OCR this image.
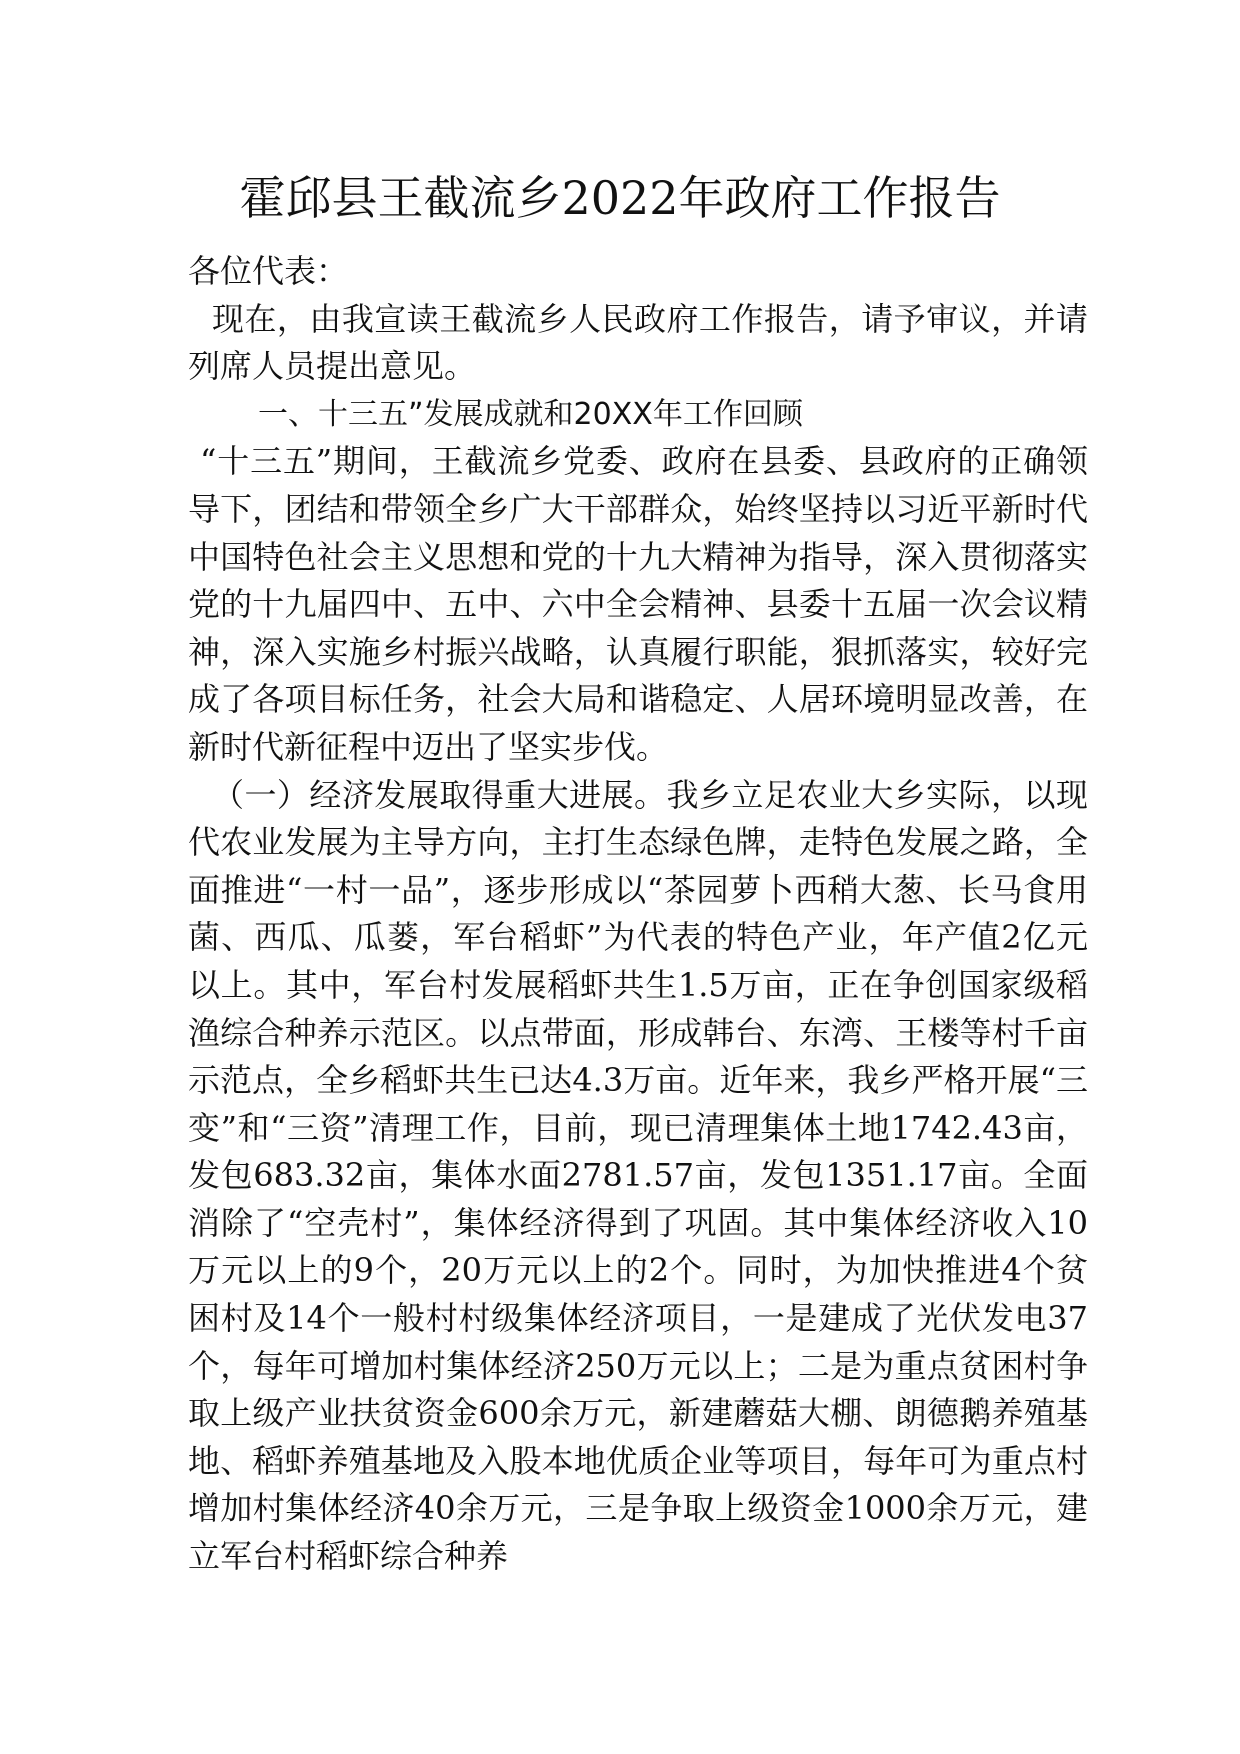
霍邱县王截流乡2022年政府工作报告

各位代表：

现在，由我宣读王截流乡人民政府工作报告，请予审议，并请列席人员提出意见。

一、十三五”发展成就和20XX年工作回顾

“十三五”期间，王截流乡党委、政府在县委、县政府的正确领导下，团结和带领全乡广大干部群众，始终坚持以习近平新时代中国特色社会主义思想和党的十九大精神为指导，深入贯彻落实党的十九届四中、五中、六中全会精神、县委十五届一次会议精神，深入实施乡村振兴战略，认真履行职能，狠抓落实，较好完成了各项目标任务，社会大局和谐稳定、人居环境明显改善，在新时代新征程中迈出了坚实步伐。

（一）经济发展取得重大进展。我乡立足农业大乡实际，以现代农业发展为主导方向，主打生态绿色牌，走特色发展之路，全面推进“一村一品”，逐步形成以“茶园萝卜西稍大葱、长马食用菌、西瓜、瓜蒌，军台稻虾”为代表的特色产业，年产值2亿元以上。其中，军台村发展稻虾共生1.5万亩，正在争创国家级稻渔综合种养示范区。以点带面，形成韩台、东湾、王楼等村千亩示范点，全乡稻虾共生已达4.3万亩。近年来，我乡严格开展“三变”和“三资”清理工作，目前，现已清理集体土地1742.43亩，发包683.32亩，集体水面2781.57亩，发包1351.17亩。全面消除了“空壳村”，集体经济得到了巩固。其中集体经济收入10万元以上的9个，20万元以上的2个。同时，为加快推进4个贫困村及14个一般村村级集体经济项目，一是建成了光伏发电37个，每年可增加村集体经济250万元以上；二是为重点贫困村争取上级产业扶贫资金600余万元，新建蘑菇大棚、朗德鹅养殖基地、稻虾养殖基地及入股本地优质企业等项目，每年可为重点村增加村集体经济40余万元，三是争取上级资金1000余万元，建立军台村稻虾综合种养
